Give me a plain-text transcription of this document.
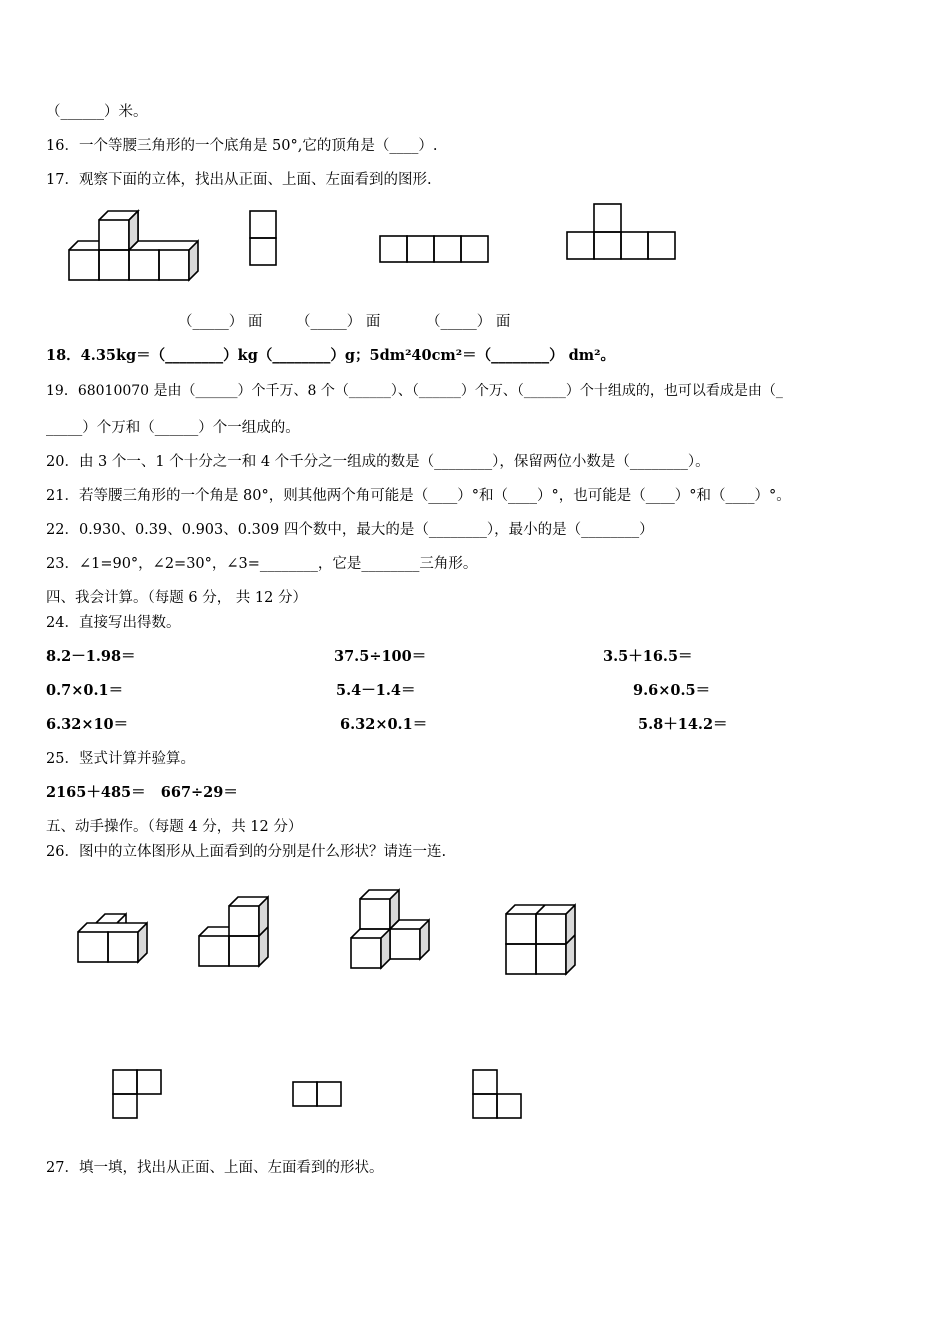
（______）米。
16．一个等腰三角形的一个底角是 50°,它的顶角是（____）.
17．观察下面的立体，找出从正面、上面、左面看到的图形.
（_____） 面 （_____） 面	（_____） 面
18．4.35kg＝（________）kg（________）g；5dm²40cm²＝（________） dm²。
19．68010070 是由（______）个千万、8 个（______）、（______）个万、（______）个十组成的，也可以看成是由（_
_____）个万和（______）个一组成的。
20．由 3 个一、1 个十分之一和 4 个千分之一组成的数是（________），保留两位小数是（________）。
21．若等腰三角形的一个角是 80°，则其他两个角可能是（____）°和（____）°，也可能是（____）°和（____）°。
22．0.930、0.39、0.903、0.309 四个数中，最大的是（________），最小的是（________）
23．∠1=90°，∠2=30°，∠3=________，它是________三角形。
四、我会计算。（每题 6 分， 共 12 分）
24．直接写出得数。
8.2－1.98＝	37.5÷100＝	3.5＋16.5＝
0.7×0.1＝	5.4－1.4＝	9.6×0.5＝
6.32×10＝	6.32×0.1＝	5.8＋14.2＝
25．竖式计算并验算。
2165＋485＝   667÷29＝
五、动手操作。（每题 4 分，共 12 分）
26．图中的立体图形从上面看到的分别是什么形状？请连一连.
27．填一填，找出从正面、上面、左面看到的形状。
